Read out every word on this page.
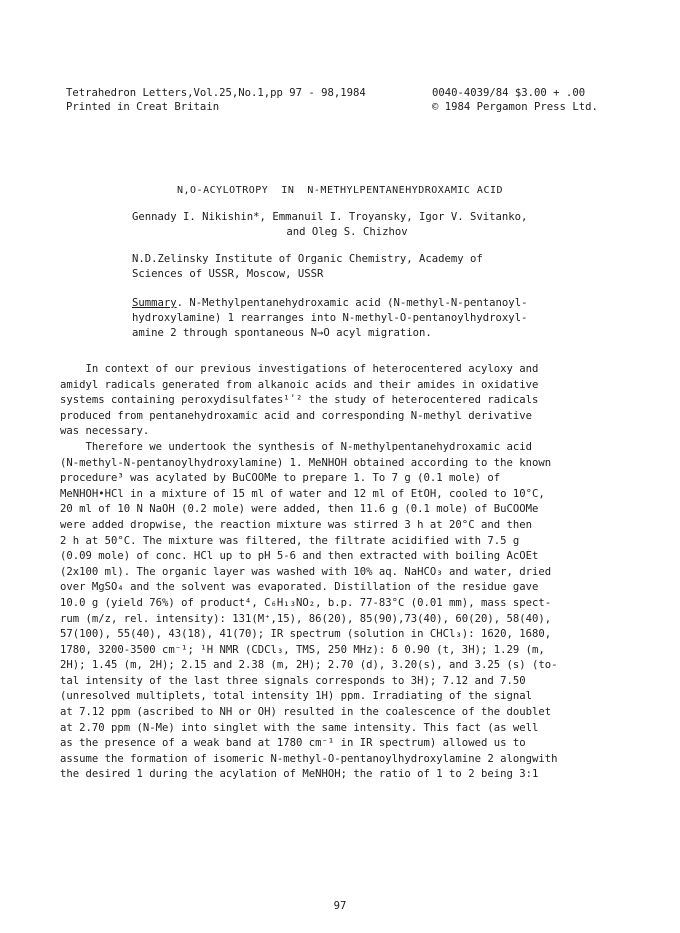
Tetrahedron Letters,Vol.25,No.1,pp 97 - 98,1984
Printed in Creat Britain
0040-4039/84 $3.00 + .00
© 1984 Pergamon Press Ltd.
N,O-ACYLOTROPY  IN  N-METHYLPENTANEHYDROXAMIC ACID
Gennady I. Nikishin*, Emmanuil I. Troyansky, Igor V. Svitanko,
and Oleg S. Chizhov
N.D.Zelinsky Institute of Organic Chemistry, Academy of
Sciences of USSR, Moscow, USSR
Summary. N-Methylpentanehydroxamic acid (N-methyl-N-pentanoyl-
hydroxylamine) 1 rearranges into N-methyl-O-pentanoylhydroxyl-
amine 2 through spontaneous N→O acyl migration.
In context of our previous investigations of heterocentered acyloxy and
amidyl radicals generated from alkanoic acids and their amides in oxidative
systems containing peroxydisulfates¹ʹ² the study of heterocentered radicals
produced from pentanehydroxamic acid and corresponding N-methyl derivative
was necessary.
Therefore we undertook the synthesis of N-methylpentanehydroxamic acid
(N-methyl-N-pentanoylhydroxylamine) 1. MeNHOH obtained according to the known
procedure³ was acylated by BuCOOMe to prepare 1. To 7 g (0.1 mole) of
MeNHOH•HCl in a mixture of 15 ml of water and 12 ml of EtOH, cooled to 10°C,
20 ml of 10 N NaOH (0.2 mole) were added, then 11.6 g (0.1 mole) of BuCOOMe
were added dropwise, the reaction mixture was stirred 3 h at 20°C and then
2 h at 50°C. The mixture was filtered, the filtrate acidified with 7.5 g
(0.09 mole) of conc. HCl up to pH 5-6 and then extracted with boiling AcOEt
(2x100 ml). The organic layer was washed with 10% aq. NaHCO₃ and water, dried
over MgSO₄ and the solvent was evaporated. Distillation of the residue gave
10.0 g (yield 76%) of product⁴, C₆H₁₃NO₂, b.p. 77-83°C (0.01 mm), mass spect-
rum (m/z, rel. intensity): 131(M⁺,15), 86(20), 85(90),73(40), 60(20), 58(40),
57(100), 55(40), 43(18), 41(70); IR spectrum (solution in CHCl₃): 1620, 1680,
1780, 3200-3500 cm⁻¹; ¹H NMR (CDCl₃, TMS, 250 MHz): δ 0.90 (t, 3H); 1.29 (m,
2H); 1.45 (m, 2H); 2.15 and 2.38 (m, 2H); 2.70 (d), 3.20(s), and 3.25 (s) (to-
tal intensity of the last three signals corresponds to 3H); 7.12 and 7.50
(unresolved multiplets, total intensity 1H) ppm. Irradiating of the signal
at 7.12 ppm (ascribed to NH or OH) resulted in the coalescence of the doublet
at 2.70 ppm (N-Me) into singlet with the same intensity. This fact (as well
as the presence of a weak band at 1780 cm⁻¹ in IR spectrum) allowed us to
assume the formation of isomeric N-methyl-O-pentanoylhydroxylamine 2 alongwith
the desired 1 during the acylation of MeNHOH; the ratio of 1 to 2 being 3:1
97
